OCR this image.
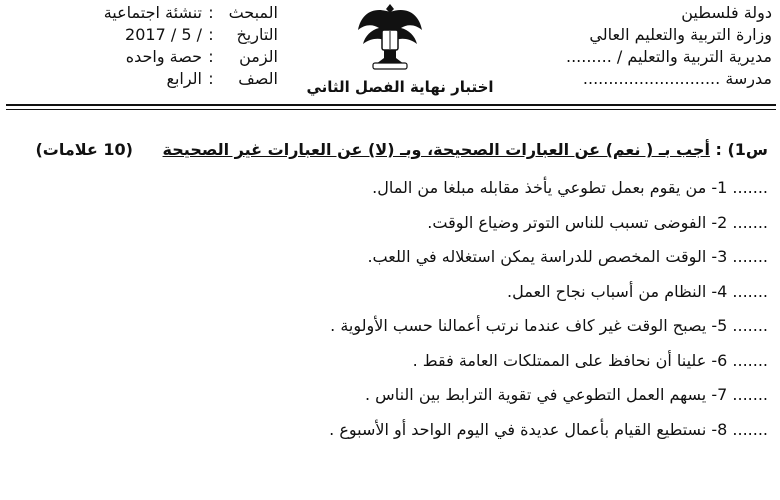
دولة فلسطين
وزارة التربية والتعليم العالي
مديرية التربية والتعليم / .........
مدرسة ...........................
اختبار نهاية الفصل الثاني
المبحث
:
تنشئة اجتماعية
التاريخ
:
/ 5 / 2017
الزمن
:
حصة واحده
الصف
:
الرابع
س1) : أجب بـ ( نعم) عن العبارات الصحيحة، وبـ (لا) عن العبارات غير الصحيحة (10 علامات)
....... 1- من يقوم بعمل تطوعي يأخذ مقابله مبلغا من المال.
....... 2- الفوضى تسبب للناس التوتر وضياع الوقت.
....... 3- الوقت المخصص للدراسة يمكن استغلاله في اللعب.
....... 4- النظام من أسباب نجاح العمل.
....... 5- يصبح الوقت غير كاف عندما نرتب أعمالنا حسب الأولوية .
....... 6- علينا أن نحافظ على الممتلكات العامة فقط .
....... 7- يسهم العمل التطوعي في تقوية الترابط بين الناس .
....... 8- نستطيع القيام بأعمال عديدة في اليوم الواحد أو الأسبوع .
